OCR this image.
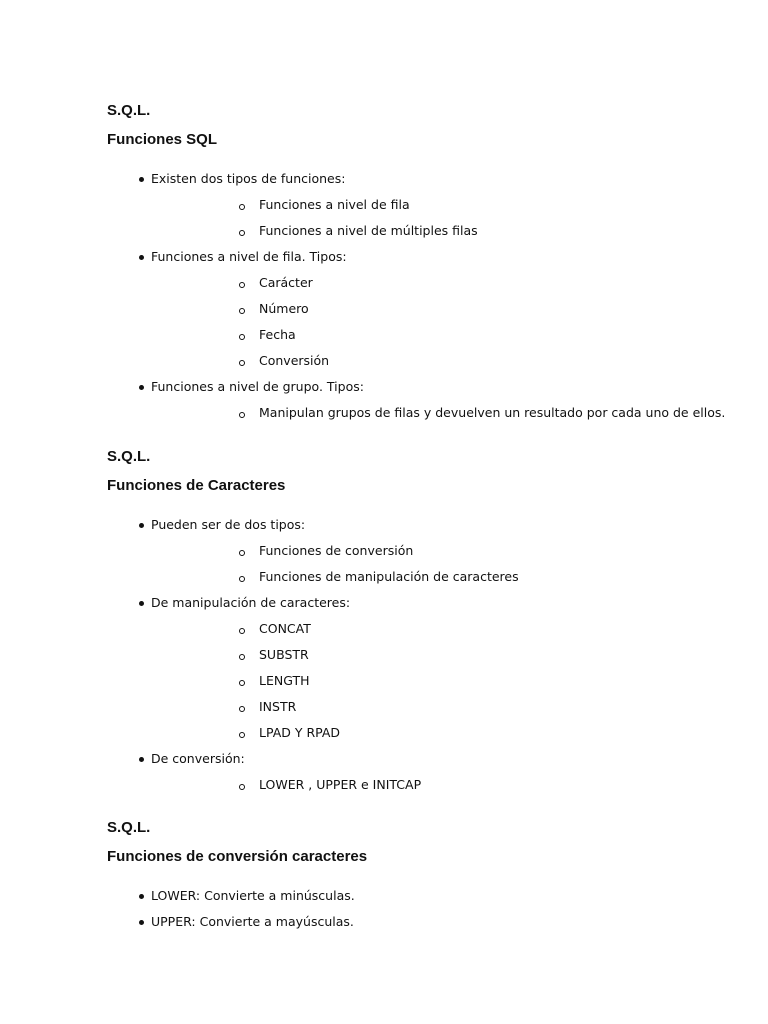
S.Q.L.

Funciones SQL

Existen dos tipos de funciones:
Funciones a nivel de fila
Funciones a nivel de múltiples filas
Funciones a nivel de fila. Tipos:
Carácter
Número
Fecha
Conversión
Funciones a nivel de grupo. Tipos:
Manipulan grupos de filas y devuelven un resultado por cada uno de ellos.

S.Q.L.

Funciones de Caracteres

Pueden ser de dos tipos:
Funciones de conversión
Funciones de manipulación de caracteres
De manipulación de caracteres:
CONCAT
SUBSTR
LENGTH
INSTR
LPAD Y RPAD
De conversión:
LOWER , UPPER e INITCAP

S.Q.L.

Funciones de conversión caracteres

LOWER: Convierte a minúsculas.
UPPER: Convierte a mayúsculas.
